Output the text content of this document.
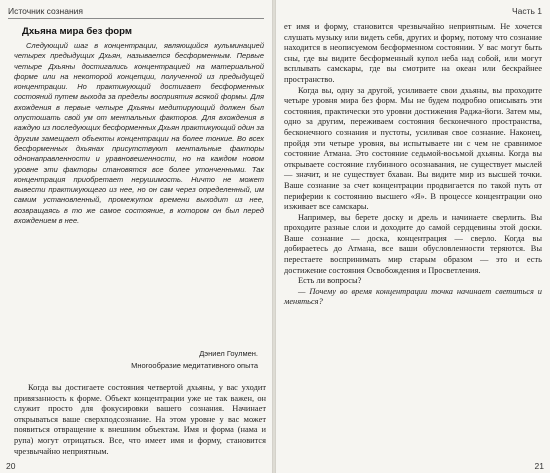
Источник сознания
Дхьяна мира без форм

Следующий шаг в концентрации, являющийся кульминацией четырех предыдущих Дхьян, называется бесформенным. Первые четыре Дхьяны достигались концентрацией на материальной форме или на некоторой концепции, полученной из предыдущей концентрации. Но практикующий достигает бесформенных состояний путем выхода за пределы восприятия всякой формы. Для вхождения в первые четыре Дхьяны медитирующий должен был опустошать свой ум от ментальных факторов. Для вхождения в каждую из последующих бесформенных Дхьян практикующий один за другим замещает объекты концентрации на более тонкие. Во всех бесформенных дхьянах присутствуют ментальные факторы однонаправленности и уравновешенности, но на каждом новом уровне эти факторы становятся все более утонченными. Так концентрация приобретает нерушимость. Ничто не может вывести практикующего из нее, но он сам через определенный, им самим установленный, промежуток времени выходит из нее, возвращаясь в то же самое состояние, в котором он был перед вхождением в нее.

Дэниел Гоулмен.
Многообразие медитативного опыта

Когда вы достигаете состояния четвертой дхьяны, у вас уходит привязанность к форме. Объект концентрации уже не так важен, он служит просто для фокусировки вашего сознания. Начинает открываться ваше сверхподсознание. На этом уровне у вас может появиться отвращение к внешним объектам. Имя и форма (нама и рупа) могут отрицаться. Все, что имеет имя и форму, становится чрезвычайно неприятным.

20
Часть 1

ет имя и форму, становится чрезвычайно неприятным. Не хочется слушать музыку или видеть себя, других и форму, потому что сознание находится в неописуемом бесформенном состоянии. У вас могут быть сны, где вы видите бесформенный купол неба над собой, или могут всплывать самскары, где вы смотрите на океан или бескрайнее пространство.

Когда вы, одну за другой, усиливаете свои дхьяны, вы проходите четыре уровня мира без форм. Мы не будем подробно описывать эти состояния, практически это уровни достижения Раджа-йоги. Затем мы, одно за другим, переживаем состояния бесконечного пространства, бесконечного сознания и пустоты, усиливая свое сознание. Наконец, пройдя эти четыре уровня, вы испытываете ни с чем не сравнимое состояние Атмана. Это состояние седьмой-восьмой дхьяны. Когда вы открываете состояние глубинного осознавания, не существует мыслей — значит, и не существует бхаван. Вы видите мир из высшей точки. Ваше сознание за счет концентрации продвигается по такой путь от периферии к состоянию высшего «Я». В процессе концентрации оно изживает все самскары.

Например, вы берете доску и дрель и начинаете сверлить. Вы проходите разные слои и доходите до самой сердцевины этой доски. Ваше сознание — доска, концентрация — сверло. Когда вы добираетесь до Атмана, все ваши обусловленности теряются. Вы перестаете воспринимать мир старым образом — это и есть достижение состояния Освобождения и Просветления.

Есть ли вопросы?

— Почему во время концентрации точка начинает светиться и меняться?

21
